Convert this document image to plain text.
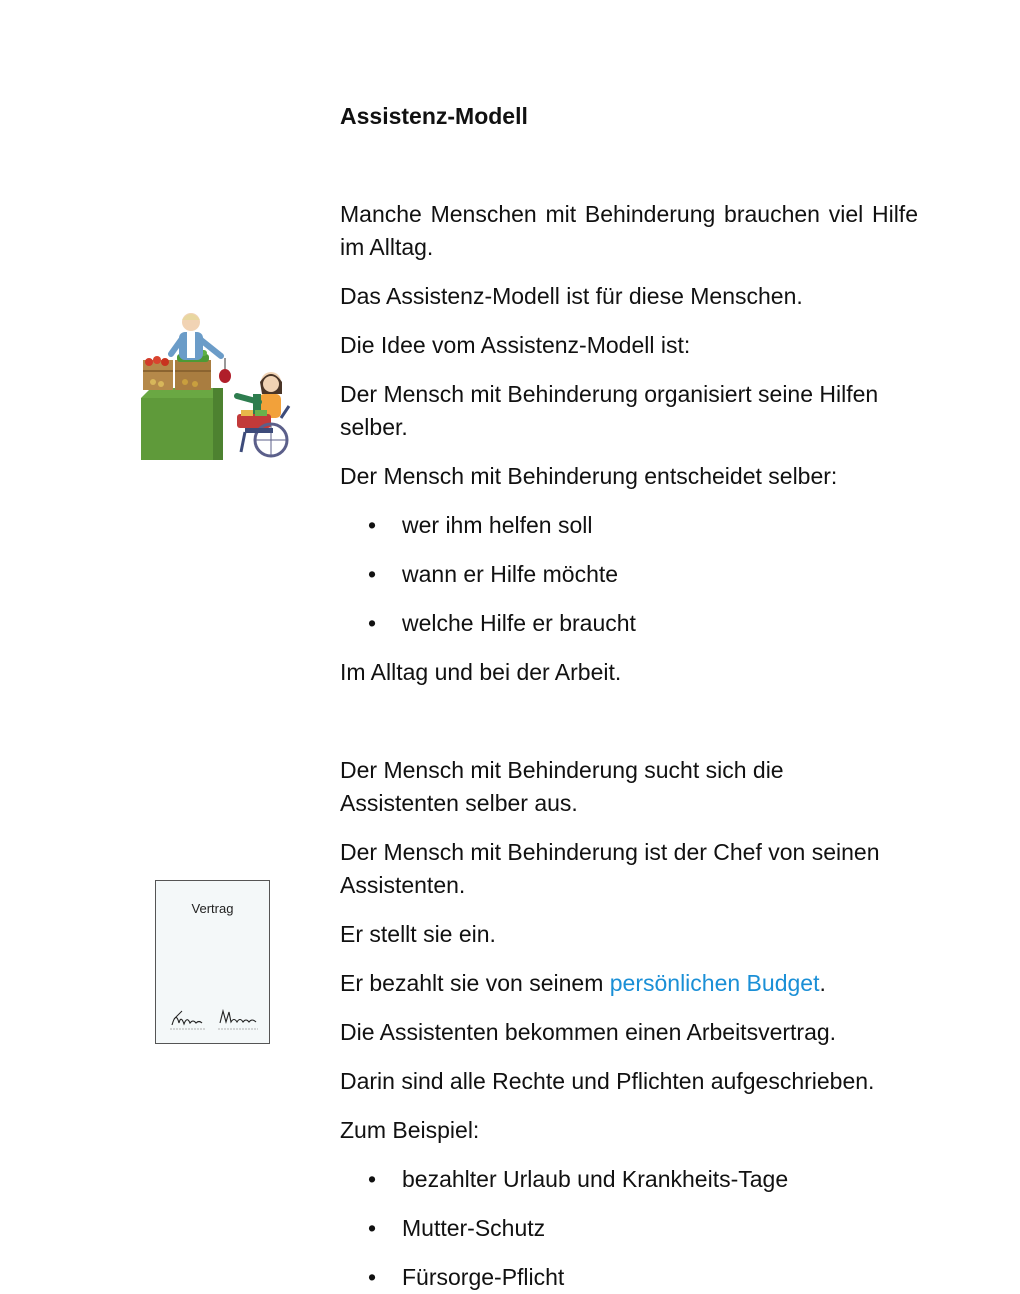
Assistenz-Modell

Manche Menschen mit Behinderung brauchen viel Hilfe im Alltag.

Das Assistenz-Modell ist für diese Menschen.

Die Idee vom Assistenz-Modell ist:

Der Mensch mit Behinderung organisiert seine Hilfen selber.

Der Mensch mit Behinderung entscheidet selber:

• wer ihm helfen soll
• wann er Hilfe möchte
• welche Hilfe er braucht

Im Alltag und bei der Arbeit.

Der Mensch mit Behinderung sucht sich die Assistenten selber aus.

Der Mensch mit Behinderung ist der Chef von seinen Assistenten.

Er stellt sie ein.

Er bezahlt sie von seinem persönlichen Budget.

Die Assistenten bekommen einen Arbeitsvertrag.

Darin sind alle Rechte und Pflichten aufgeschrieben.

Zum Beispiel:

• bezahlter Urlaub und Krankheits-Tage
• Mutter-Schutz
• Fürsorge-Pflicht
Vertrag
